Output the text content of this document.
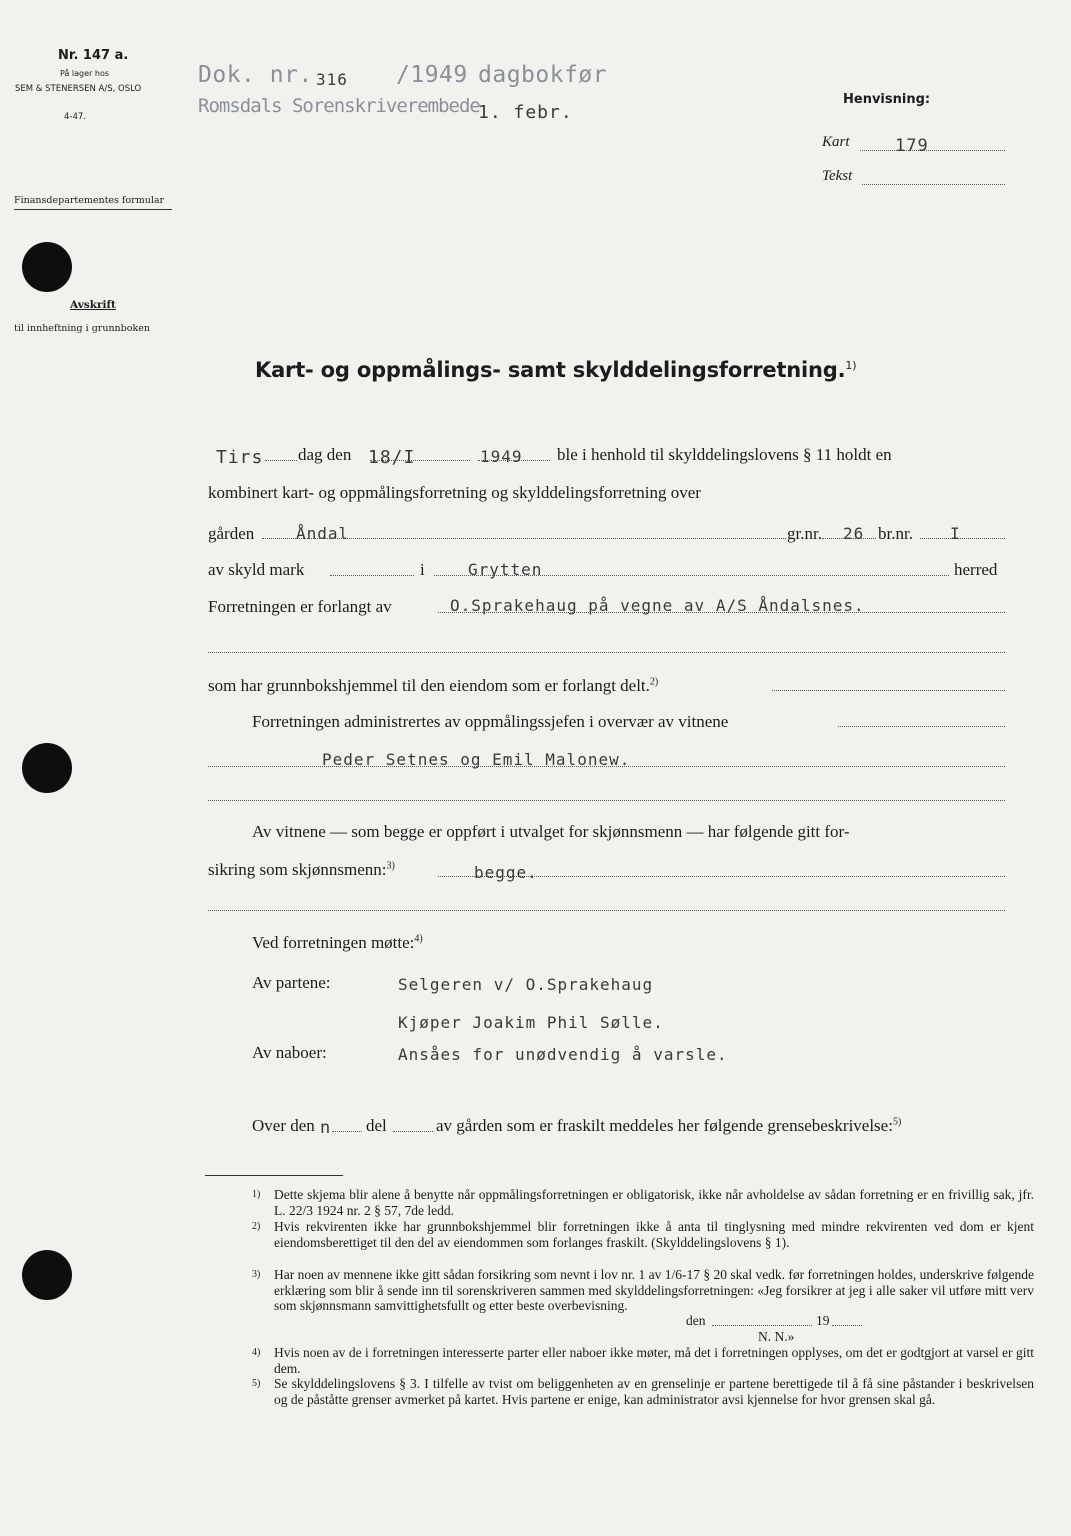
Nr. 147 a.
På lager hos
SEM & STENERSEN A/S, OSLO
4-47.
Finansdepartementes formular
Avskrift
til innheftning i grunnboken
Dok. nr. 316 /1949 dagbokfør
Romsdals Sorenskriverembede
1. febr.
Henvisning:
Kart	179
Tekst
Kart- og oppmålings- samt skylddelingsforretning.$^{1)}$
Tirs dag den 18/I	1949 ble i henhold til skylddelingslovens § 11 holdt en
kombinert kart- og oppmålingsforretning og skylddelingsforretning over
gården	Åndal	gr.nr. 26 br.nr. I
av skyld mark	i	Grytten	herred
Forretningen er forlangt av	O.Sprakehaug på vegne av A/S Åndalsnes.
som har grunnbokshjemmel til den eiendom som er forlangt delt.$^{2)}$
Forretningen administrertes av oppmålingssjefen i overvær av vitnene
Peder Setnes og Emil Malonew.
Av vitnene — som begge er oppført i utvalget for skjønnsmenn — har følgende gitt for-
sikring som skjønnsmenn:$^{3)}$	begge.
Ved forretningen møtte:$^{4)}$
Av partene:	Selgeren v/ O.Sprakehaug
Kjøper Joakim Phil Sølle.
Av naboer:	Ansåes for unødvendig å varsle.
Over den n del	av gården som er fraskilt meddeles her følgende grensebeskrivelse:$^{5)}$
1) Dette skjema blir alene å benytte når oppmålingsforretningen er obligatorisk, ikke når avholdelse av sådan forretning er en frivillig sak, jfr. L. 22/3 1924 nr. 2 § 57, 7de ledd.
2) Hvis rekvirenten ikke har grunnbokshjemmel blir forretningen ikke å anta til tinglysning med mindre rekvirenten ved dom er kjent eiendomsberettiget til den del av eiendommen som forlanges fraskilt. (Skylddelingslovens § 1).
3) Har noen av mennene ikke gitt sådan forsikring som nevnt i lov nr. 1 av 1/6-17 § 20 skal vedk. før forretningen holdes, underskrive følgende erklæring som blir å sende inn til sorenskriveren sammen med skylddelingsforretningen: «Jeg forsikrer at jeg i alle saker vil utføre mitt verv som skjønnsmann samvittighetsfullt og etter beste overbevisning.
den	19
N. N.»
4) Hvis noen av de i forretningen interesserte parter eller naboer ikke møter, må det i forretningen opplyses, om det er godtgjort at varsel er gitt dem.
5) Se skylddelingslovens § 3. I tilfelle av tvist om beliggenheten av en grenselinje er partene berettigede til å få sine påstander i beskrivelsen og de påståtte grenser avmerket på kartet. Hvis partene er enige, kan administrator avsi kjennelse for hvor grensen skal gå.
